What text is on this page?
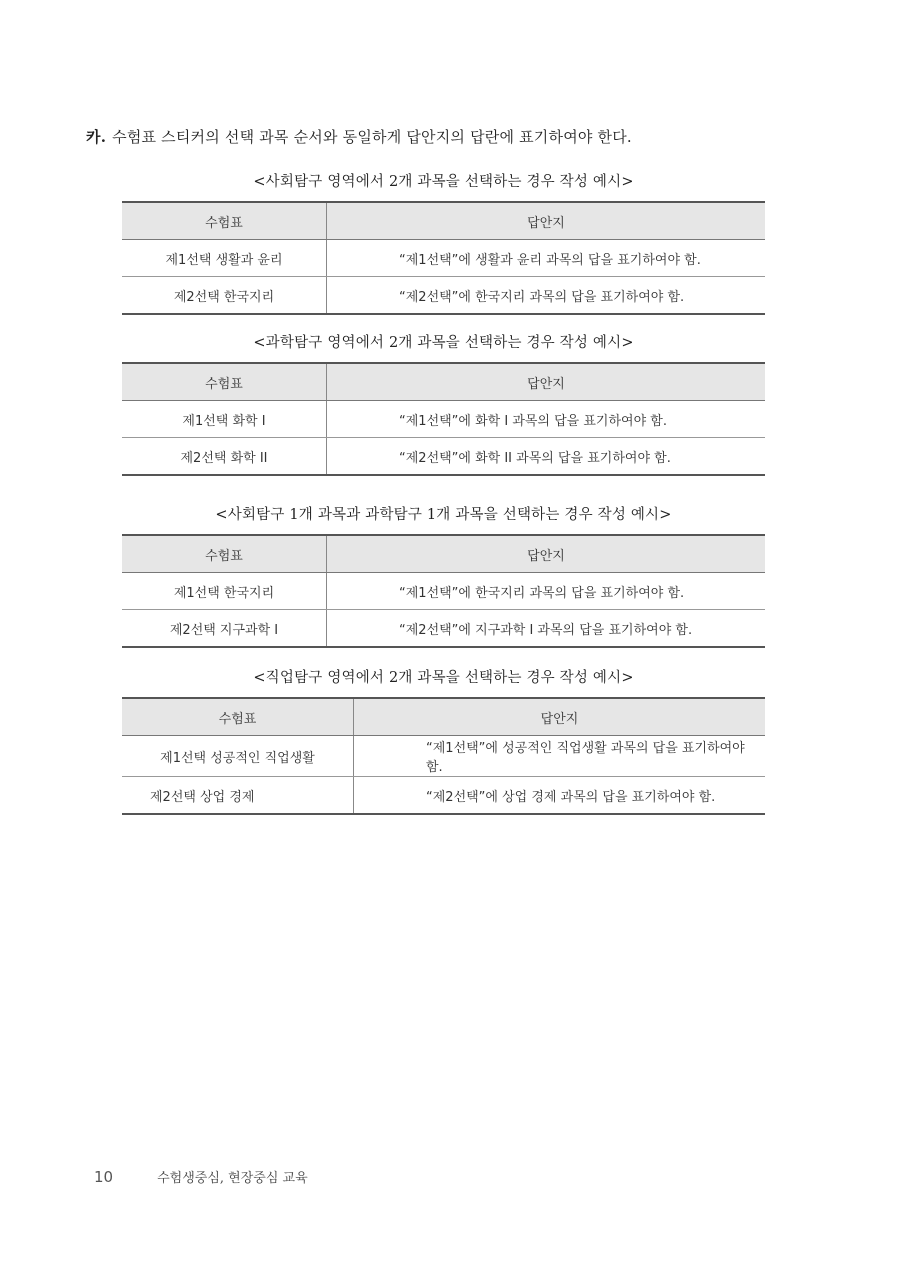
카. 수험표 스티커의 선택 과목 순서와 동일하게 답안지의 답란에 표기하여야 한다.
<사회탐구 영역에서 2개 과목을 선택하는 경우 작성 예시>
수험표	답안지
제1선택 생활과 윤리	“제1선택”에 생활과 윤리 과목의 답을 표기하여야 함.
제2선택 한국지리	“제2선택”에 한국지리 과목의 답을 표기하여야 함.
<과학탐구 영역에서 2개 과목을 선택하는 경우 작성 예시>
수험표	답안지
제1선택 화학 I	“제1선택”에 화학 I 과목의 답을 표기하여야 함.
제2선택 화학 II	“제2선택”에 화학 II 과목의 답을 표기하여야 함.
<사회탐구 1개 과목과 과학탐구 1개 과목을 선택하는 경우 작성 예시>
수험표	답안지
제1선택 한국지리	“제1선택”에 한국지리 과목의 답을 표기하여야 함.
제2선택 지구과학 I	“제2선택”에 지구과학 I 과목의 답을 표기하여야 함.
<직업탐구 영역에서 2개 과목을 선택하는 경우 작성 예시>
수험표	답안지
제1선택 성공적인 직업생활	“제1선택”에 성공적인 직업생활 과목의 답을 표기하여야 함.
제2선택 상업 경제	“제2선택”에 상업 경제 과목의 답을 표기하여야 함.
10	수험생중심, 현장중심 교육
